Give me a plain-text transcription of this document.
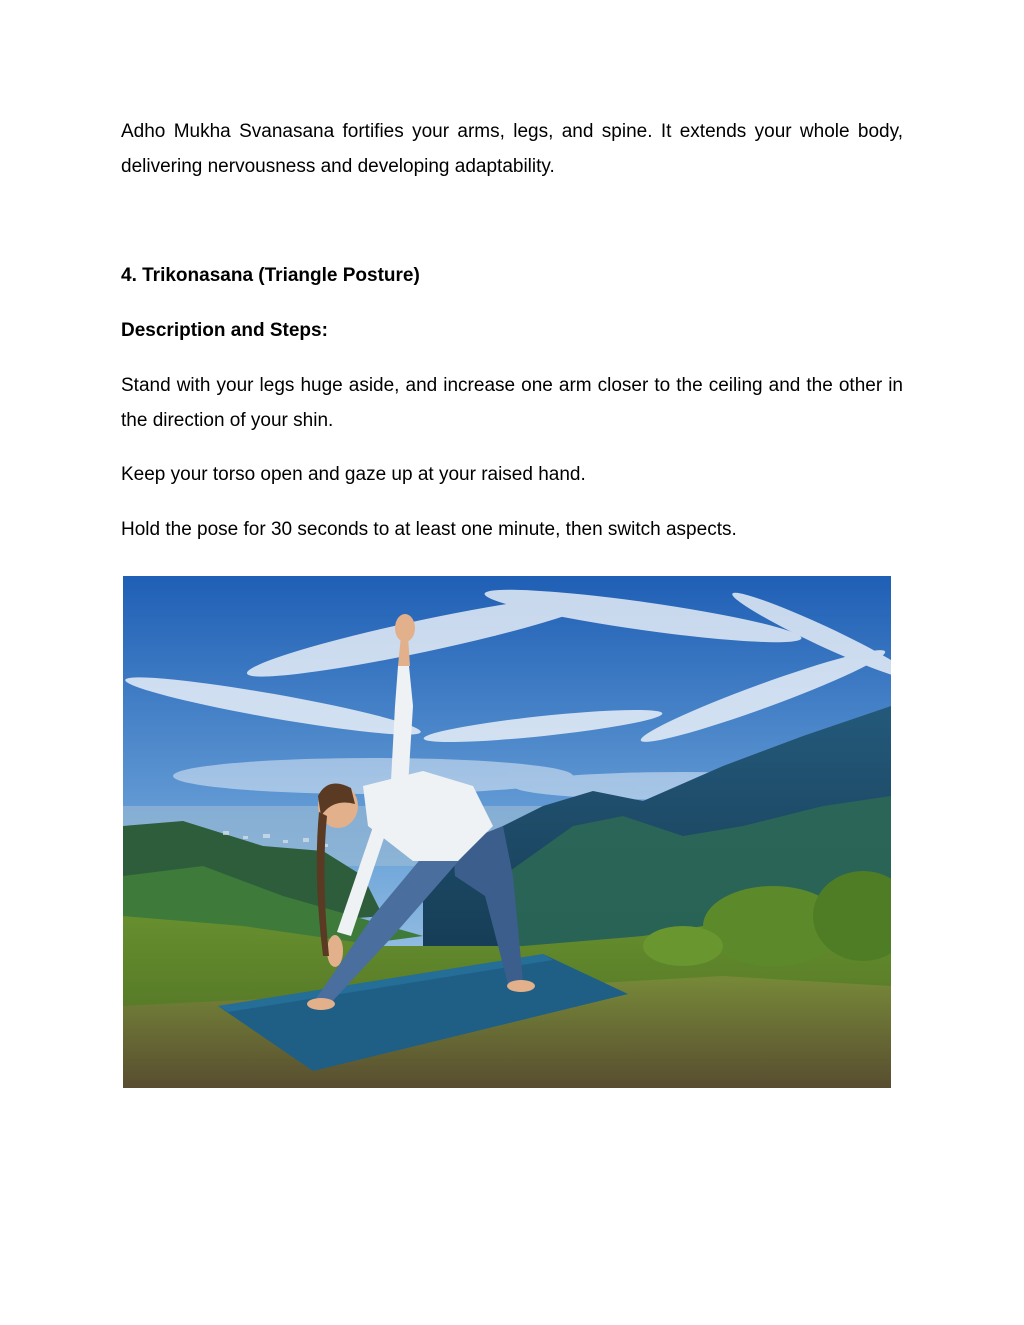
Adho Mukha Svanasana fortifies your arms, legs, and spine. It extends your whole body, delivering nervousness and developing adaptability.

4. Trikonasana (Triangle Posture)

Description and Steps:

Stand with your legs huge aside, and increase one arm closer to the ceiling and the other in the direction of your shin.

Keep your torso open and gaze up at your raised hand.

Hold the pose for 30 seconds to at least one minute, then switch aspects.
